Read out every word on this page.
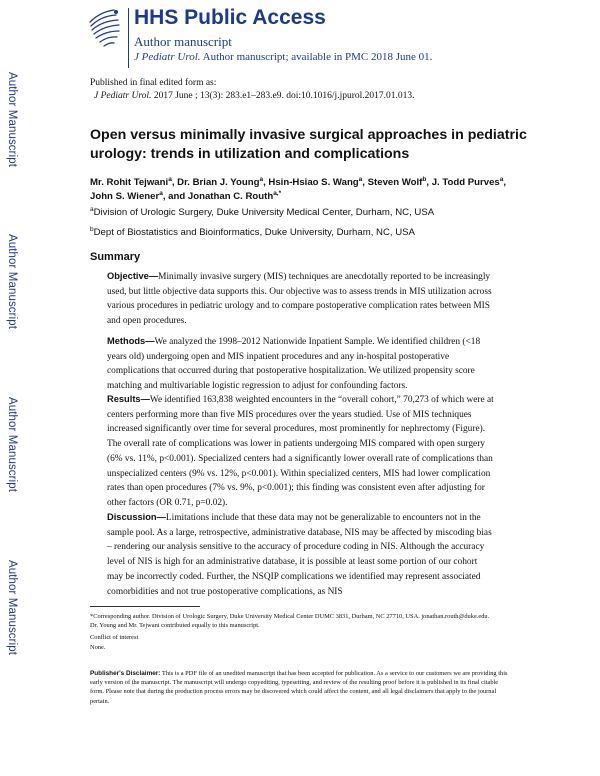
Author Manuscript
Author Manuscript
Author Manuscript
Author Manuscript
HHS Public Access
Author manuscript
J Pediatr Urol. Author manuscript; available in PMC 2018 June 01.
Published in final edited form as:
J Pediatr Urol. 2017 June ; 13(3): 283.e1–283.e9. doi:10.1016/j.jpurol.2017.01.013.
Open versus minimally invasive surgical approaches in pediatric urology: trends in utilization and complications
Mr. Rohit Tejwani$^a$, Dr. Brian J. Young$^a$, Hsin-Hsiao S. Wang$^a$, Steven Wolf$^b$, J. Todd Purves$^a$, John S. Wiener$^a$, and Jonathan C. Routh$^{a,*}$
$^a$Division of Urologic Surgery, Duke University Medical Center, Durham, NC, USA
$^b$Dept of Biostatistics and Bioinformatics, Duke University, Durham, NC, USA
Summary
Objective—Minimally invasive surgery (MIS) techniques are anecdotally reported to be increasingly used, but little objective data supports this. Our objective was to assess trends in MIS utilization across various procedures in pediatric urology and to compare postoperative complication rates between MIS and open procedures.
Methods—We analyzed the 1998–2012 Nationwide Inpatient Sample. We identified children (<18 years old) undergoing open and MIS inpatient procedures and any in-hospital postoperative complications that occurred during that postoperative hospitalization. We utilized propensity score matching and multivariable logistic regression to adjust for confounding factors.
Results—We identified 163,838 weighted encounters in the “overall cohort,” 70,273 of which were at centers performing more than five MIS procedures over the years studied. Use of MIS techniques increased significantly over time for several procedures, most prominently for nephrectomy (Figure). The overall rate of complications was lower in patients undergoing MIS compared with open surgery (6% vs. 11%, p<0.001). Specialized centers had a significantly lower overall rate of complications than unspecialized centers (9% vs. 12%, p<0.001). Within specialized centers, MIS had lower complication rates than open procedures (7% vs. 9%, p<0.001); this finding was consistent even after adjusting for other factors (OR 0.71, p=0.02).
Discussion—Limitations include that these data may not be generalizable to encounters not in the sample pool. As a large, retrospective, administrative database, NIS may be affected by miscoding bias – rendering our analysis sensitive to the accuracy of procedure coding in NIS. Although the accuracy level of NIS is high for an administrative database, it is possible at least some portion of our cohort may be incorrectly coded. Further, the NSQIP complications we identified may represent associated comorbidities and not true postoperative complications, as NIS
*Corresponding author. Division of Urologic Surgery, Duke University Medical Center DUMC 3831, Durham, NC 27710, USA. jonathan.routh@duke.edu.
Dr. Young and Mr. Tejwani contributed equally to this manuscript.
Conflict of interest
None.
Publisher's Disclaimer: This is a PDF file of an unedited manuscript that has been accepted for publication. As a service to our customers we are providing this early version of the manuscript. The manuscript will undergo copyediting, typesetting, and review of the resulting proof before it is published in its final citable form. Please note that during the production process errors may be discovered which could affect the content, and all legal disclaimers that apply to the journal pertain.
